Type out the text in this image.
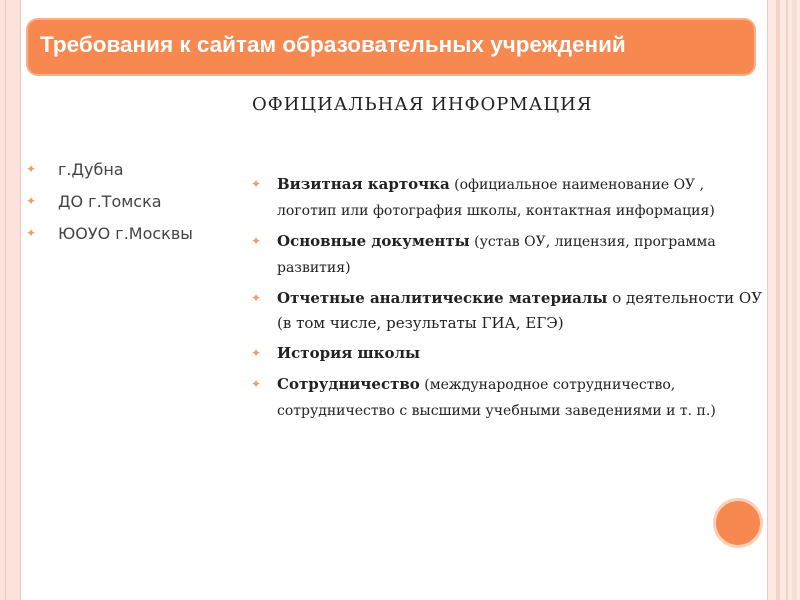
Требования к сайтам образовательных учреждений
ОФИЦИАЛЬНАЯ ИНФОРМАЦИЯ
✦	г.Дубна
✦	ДО г.Томска
✦	ЮОУО г.Москвы
✦ Визитная карточка (официальное наименование ОУ , логотип или фотография школы, контактная информация)
✦ Основные документы (устав ОУ, лицензия, программа развития)
✦ Отчетные аналитические материалы о деятельности ОУ (в том числе, результаты ГИА, ЕГЭ)
✦ История школы
✦ Сотрудничество (международное сотрудничество, сотрудничество с высшими учебными заведениями и т. п.)
